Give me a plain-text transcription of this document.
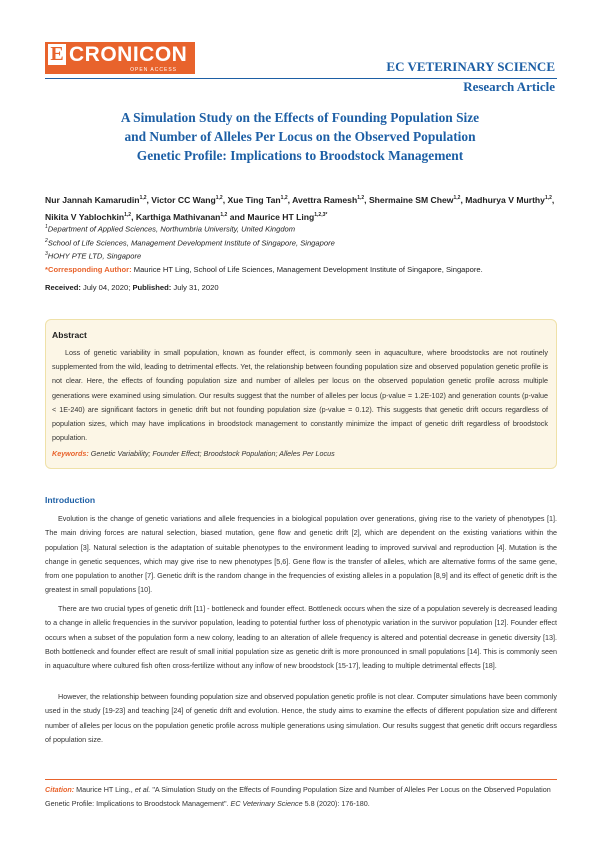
E CRONICON
OPEN ACCESS	EC VETERINARY SCIENCE
Research Article
A Simulation Study on the Effects of Founding Population Size
and Number of Alleles Per Locus on the Observed Population
Genetic Profile: Implications to Broodstock Management
Nur Jannah Kamarudin$^{1,2}$, Victor CC Wang$^{1,2}$, Xue Ting Tan$^{1,2}$, Avettra Ramesh$^{1,2}$, Shermaine SM Chew$^{1,2}$, Madhurya V Murthy$^{1,2}$, Nikita V Yablochkin$^{1,2}$, Karthiga Mathivanan$^{1,2}$ and Maurice HT Ling$^{1,2,3*}$
$^1$Department of Applied Sciences, Northumbria University, United Kingdom
$^2$School of Life Sciences, Management Development Institute of Singapore, Singapore
$^3$HOHY PTE LTD, Singapore
*Corresponding Author: Maurice HT Ling, School of Life Sciences, Management Development Institute of Singapore, Singapore.
Received: July 04, 2020; Published: July 31, 2020
Abstract

Loss of genetic variability in small population, known as founder effect, is commonly seen in aquaculture, where broodstocks are not routinely supplemented from the wild, leading to detrimental effects. Yet, the relationship between founding population size and observed population genetic profile is not clear. Here, the effects of founding population size and number of alleles per locus on the observed population genetic profile across multiple generations were examined using simulation. Our results suggest that the number of alleles per locus (p-value = 1.2E-102) and generation counts (p-value < 1E-240) are significant factors in genetic drift but not founding population size (p-value = 0.12). This suggests that genetic drift occurs regardless of population sizes, which may have implications in broodstock management to constantly minimize the impact of genetic drift regardless of broodstock population.

Keywords: Genetic Variability; Founder Effect; Broodstock Population; Alleles Per Locus
Introduction

Evolution is the change of genetic variations and allele frequencies in a biological population over generations, giving rise to the variety of phenotypes [1]. The main driving forces are natural selection, biased mutation, gene flow and genetic drift [2], which are dependent on the existing variations within the population [3]. Natural selection is the adaptation of suitable phenotypes to the environment leading to improved survival and reproduction [4]. Mutation is the change in genetic sequences, which may give rise to new phenotypes [5,6]. Gene flow is the transfer of alleles, which are alternative forms of the same gene, from one population to another [7]. Genetic drift is the random change in the frequencies of existing alleles in a population [8,9] and its effect of genetic drift is the greatest in small populations [10].

There are two crucial types of genetic drift [11] - bottleneck and founder effect. Bottleneck occurs when the size of a population severely is decreased leading to a change in allelic frequencies in the survivor population, leading to potential further loss of phenotypic variation in the survivor population [12]. Founder effect occurs when a subset of the population form a new colony, leading to an alteration of allele frequency is altered and potential decrease in genetic diversity [13]. Both bottleneck and founder effect are result of small initial population size as genetic drift is more pronounced in small populations [14]. This is commonly seen in aquaculture where cultured fish often cross-fertilize without any inflow of new broodstock [15-17], leading to multiple detrimental effects [18].

However, the relationship between founding population size and observed population genetic profile is not clear. Computer simulations have been commonly used in the study [19-23] and teaching [24] of genetic drift and evolution. Hence, the study aims to examine the effects of different population size and different number of alleles per locus on the population genetic profile across multiple generations using simulation. Our results suggest that genetic drift occurs regardless of population size.

Citation: Maurice HT Ling., et al. "A Simulation Study on the Effects of Founding Population Size and Number of Alleles Per Locus on the Observed Population Genetic Profile: Implications to Broodstock Management". EC Veterinary Science 5.8 (2020): 176-180.
